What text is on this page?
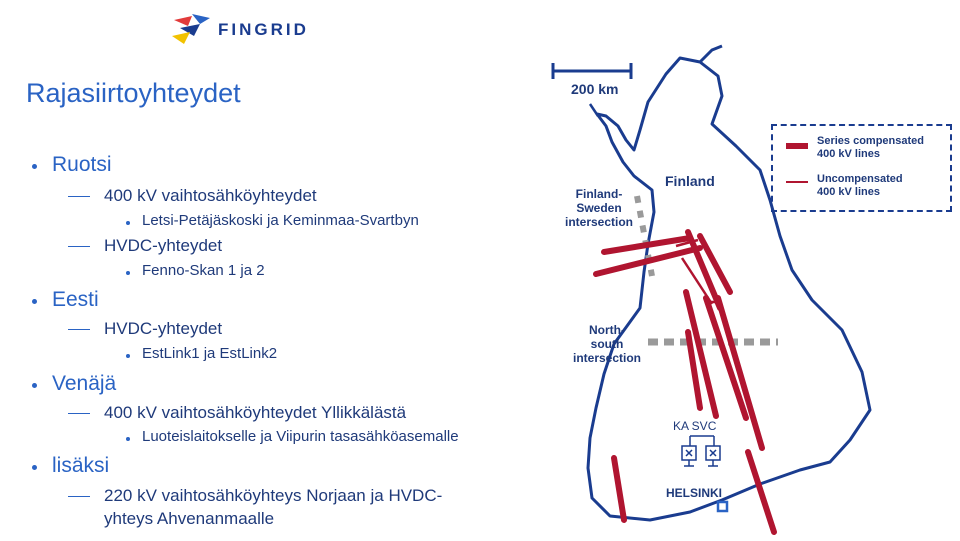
FINGRID
Rajasiirtoyhteydet
Ruotsi
400 kV vaihtosähköyhteydet
Letsi-Petäjäskoski ja Keminmaa-Svartbyn
HVDC-yhteydet
Fenno-Skan 1 ja 2
Eesti
HVDC-yhteydet
EstLink1 ja EstLink2
Venäjä
400 kV vaihtosähköyhteydet Yllikkälästä
Luoteislaitokselle ja Viipurin tasasähköasemalle
lisäksi
220 kV vaihtosähköyhteys Norjaan ja HVDC-
yhteys Ahvenanmaalle
200 km
Finland
Finland-
Sweden
intersection
North-
south
intersection
KA SVC
HELSINKI
Series compensated
400 kV lines
Uncompensated
400 kV lines
